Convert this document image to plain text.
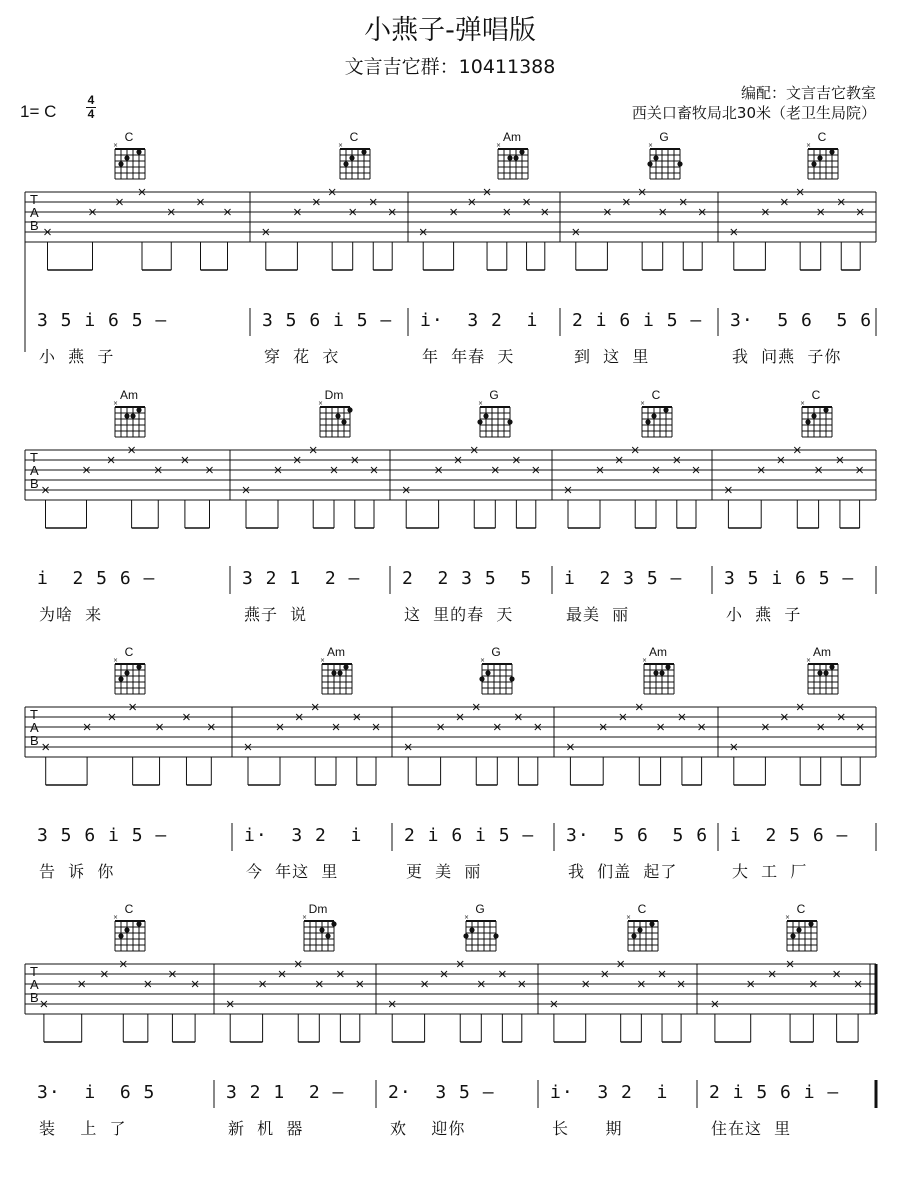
小燕子-弹唱版
文言吉它群：10411388
编配：文言吉它教室
西关口畜牧局北30米（老卫生局院）
1= C
4
4
C
×
C
×
Am
×
G
×
C
×
T
A
B
3 5 i 6 5 –	3 5 6 i 5 – i·  3 2  i 2 i 6 i 5 – 3·  5 6  5 6
小  燕  子	穿  花  衣	年  年春  天	到  这  里	我  问燕  子你
Am
×
Dm
×
G
×
C
×
C
×
T
A
B
i  2 5 6 –	3 2 1  2 – 2  2 3 5  5 i  2 3 5 – 3 5 i 6 5 –
为啥  来	燕子  说	这  里的春  天	最美  丽	小  燕  子
C
×
Am
×
G
×
Am
×
Am
×
T
A
B
3 5 6 i 5 –	i·  3 2  i 2 i 6 i 5 – 3·  5 6  5 6 i  2 5 6 –
告  诉  你	今  年这  里	更  美  丽	我  们盖  起了	大  工  厂
C
×
Dm
×
G
×
C
×
C
×
T
A
B
3·  i  6 5	3 2 1  2 – 2·  3 5 –	i·  3 2  i 2 i 5 6 i –
装    上  了	新  机  器	欢    迎你	长      期	住在这  里
